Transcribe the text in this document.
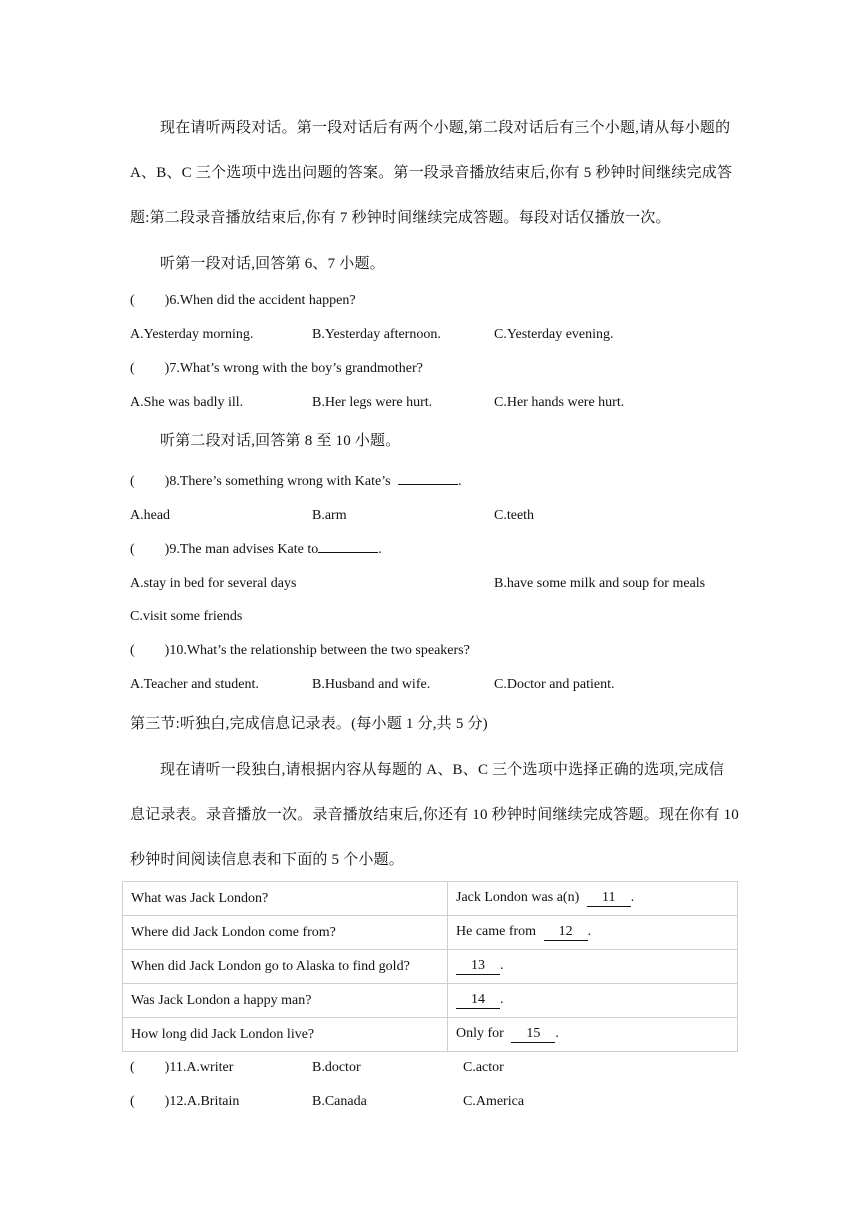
现在请听两段对话。第一段对话后有两个小题,第二段对话后有三个小题,请从每小题的
A、B、C 三个选项中选出问题的答案。第一段录音播放结束后,你有 5 秒钟时间继续完成答
题:第二段录音播放结束后,你有 7 秒钟时间继续完成答题。每段对话仅播放一次。
听第一段对话,回答第 6、7 小题。
( )6.When did the accident happen?
A.Yesterday morning.	B.Yesterday afternoon.	C.Yesterday evening.
( )7.What’s wrong with the boy’s grandmother?
A.She was badly ill.	B.Her legs were hurt.	C.Her hands were hurt.
听第二段对话,回答第 8 至 10 小题。
( )8.There’s something wrong with Kate’s	.
A.head	B.arm	C.teeth
( )9.The man advises Kate to	.
A.stay in bed for several days	B.have some milk and soup for meals
C.visit some friends
( )10.What’s the relationship between the two speakers?
A.Teacher and student.	B.Husband and wife.	C.Doctor and patient.
第三节:听独白,完成信息记录表。(每小题 1 分,共 5 分)
现在请听一段独白,请根据内容从每题的 A、B、C 三个选项中选择正确的选项,完成信
息记录表。录音播放一次。录音播放结束后,你还有 10 秒钟时间继续完成答题。现在你有 10
秒钟时间阅读信息表和下面的 5 个小题。
What was Jack London?	Jack London was a(n) 11 .
Where did Jack London come from?	He came from 12 .
When did Jack London go to Alaska to find gold?	13 .
Was Jack London a happy man?	14 .
How long did Jack London live?	Only for 15 .
( )11.A.writer	B.doctor	C.actor
( )12.A.Britain	B.Canada	C.America
